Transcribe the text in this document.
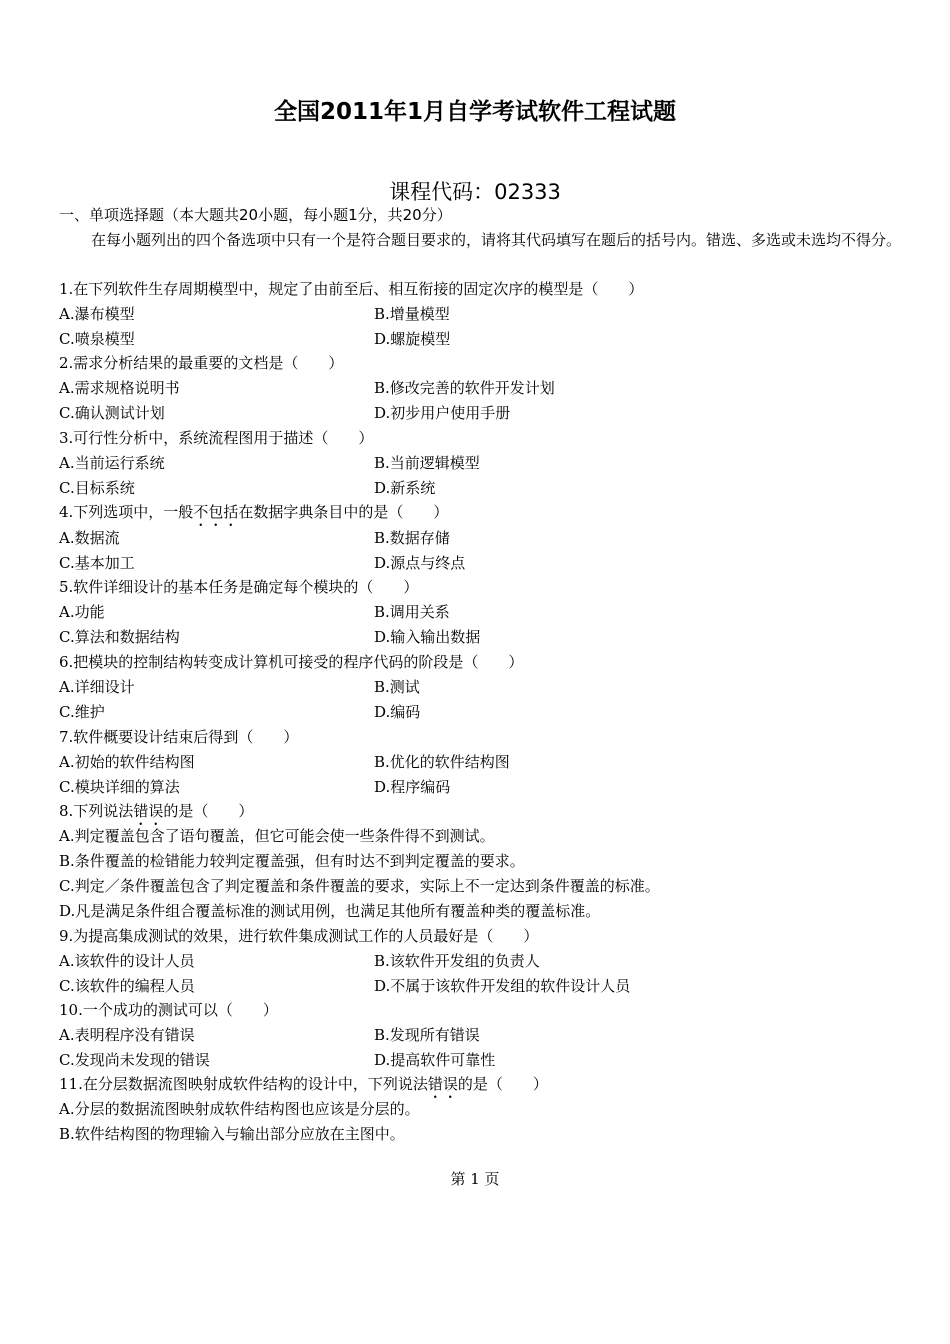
全国2011年1月自学考试软件工程试题
课程代码：02333
一、单项选择题（本大题共20小题，每小题1分，共20分）
在每小题列出的四个备选项中只有一个是符合题目要求的，请将其代码填写在题后的括号内。错选、多选或未选均不得分。
1.在下列软件生存周期模型中，规定了由前至后、相互衔接的固定次序的模型是（　　）
A.瀑布模型	B.增量模型
C.喷泉模型	D.螺旋模型
2.需求分析结果的最重要的文档是（　　）
A.需求规格说明书	B.修改完善的软件开发计划
C.确认测试计划	D.初步用户使用手册
3.可行性分析中，系统流程图用于描述（　　）
A.当前运行系统	B.当前逻辑模型
C.目标系统	D.新系统
4.下列选项中，一般不包括在数据字典条目中的是（　　）
A.数据流	B.数据存储
C.基本加工	D.源点与终点
5.软件详细设计的基本任务是确定每个模块的（　　）
A.功能	B.调用关系
C.算法和数据结构	D.输入输出数据
6.把模块的控制结构转变成计算机可接受的程序代码的阶段是（　　）
A.详细设计	B.测试
C.维护	D.编码
7.软件概要设计结束后得到（　　）
A.初始的软件结构图	B.优化的软件结构图
C.模块详细的算法	D.程序编码
8.下列说法错误的是（　　）
A.判定覆盖包含了语句覆盖，但它可能会使一些条件得不到测试。
B.条件覆盖的检错能力较判定覆盖强，但有时达不到判定覆盖的要求。
C.判定／条件覆盖包含了判定覆盖和条件覆盖的要求，实际上不一定达到条件覆盖的标准。
D.凡是满足条件组合覆盖标准的测试用例，也满足其他所有覆盖种类的覆盖标准。
9.为提高集成测试的效果，进行软件集成测试工作的人员最好是（　　）
A.该软件的设计人员	B.该软件开发组的负责人
C.该软件的编程人员	D.不属于该软件开发组的软件设计人员
10.一个成功的测试可以（　　）
A.表明程序没有错误	B.发现所有错误
C.发现尚未发现的错误	D.提高软件可靠性
11.在分层数据流图映射成软件结构的设计中，下列说法错误的是（　　）
A.分层的数据流图映射成软件结构图也应该是分层的。
B.软件结构图的物理输入与输出部分应放在主图中。
第 1 页
